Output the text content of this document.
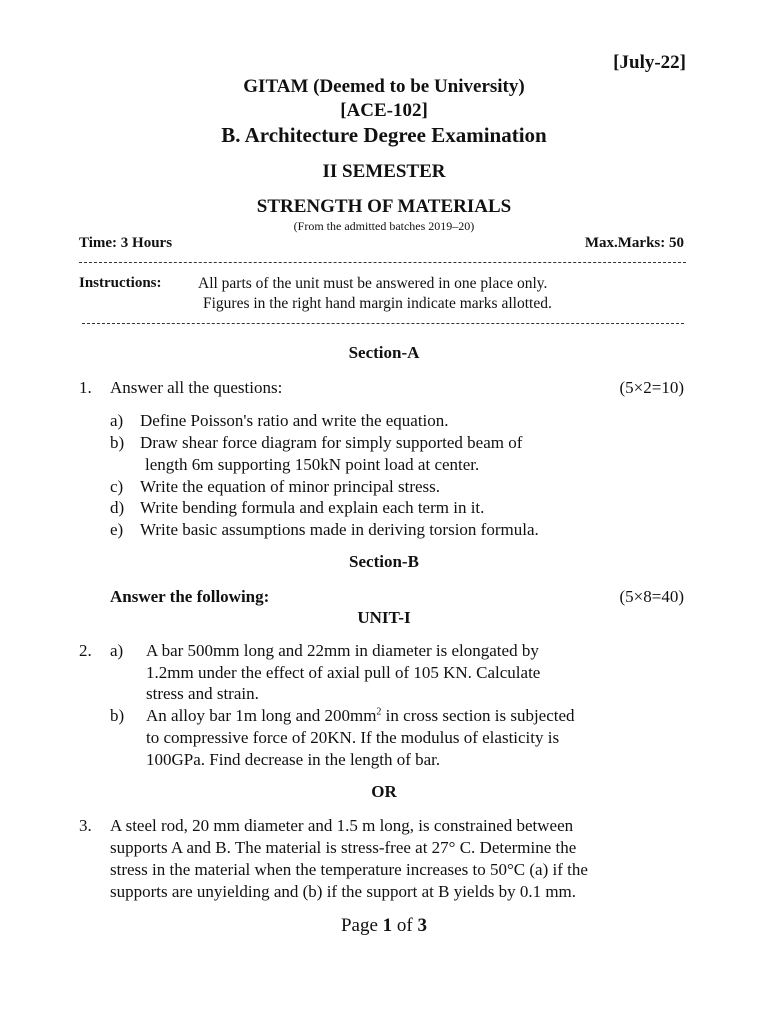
[July-22]
GITAM (Deemed to be University)
[ACE-102]
B. Architecture Degree Examination
II SEMESTER
STRENGTH OF MATERIALS
(From the admitted batches 2019–20)
Time: 3 Hours	Max.Marks: 50
Instructions: All parts of the unit must be answered in one place only.
Figures in the right hand margin indicate marks allotted.
Section-A
1. Answer all the questions:	(5×2=10)
a) Define Poisson's ratio and write the equation.
b) Draw shear force diagram for simply supported beam of
length 6m supporting 150kN point load at center.
c) Write the equation of minor principal stress.
d) Write bending formula and explain each term in it.
e) Write basic assumptions made in deriving torsion formula.
Section-B
Answer the following:	(5×8=40)
UNIT-I
2. a) A bar 500mm long and 22mm in diameter is elongated by
1.2mm under the effect of axial pull of 105 KN. Calculate
stress and strain.
b) An alloy bar 1m long and $200mm^2$ in cross section is subjected
to compressive force of 20KN. If the modulus of elasticity is
100GPa. Find decrease in the length of bar.
OR
3. A steel rod, 20 mm diameter and 1.5 m long, is constrained between
supports A and B. The material is stress-free at 27° C. Determine the
stress in the material when the temperature increases to 50°C (a) if the
supports are unyielding and (b) if the support at B yields by 0.1 mm.
Page 1 of 3
